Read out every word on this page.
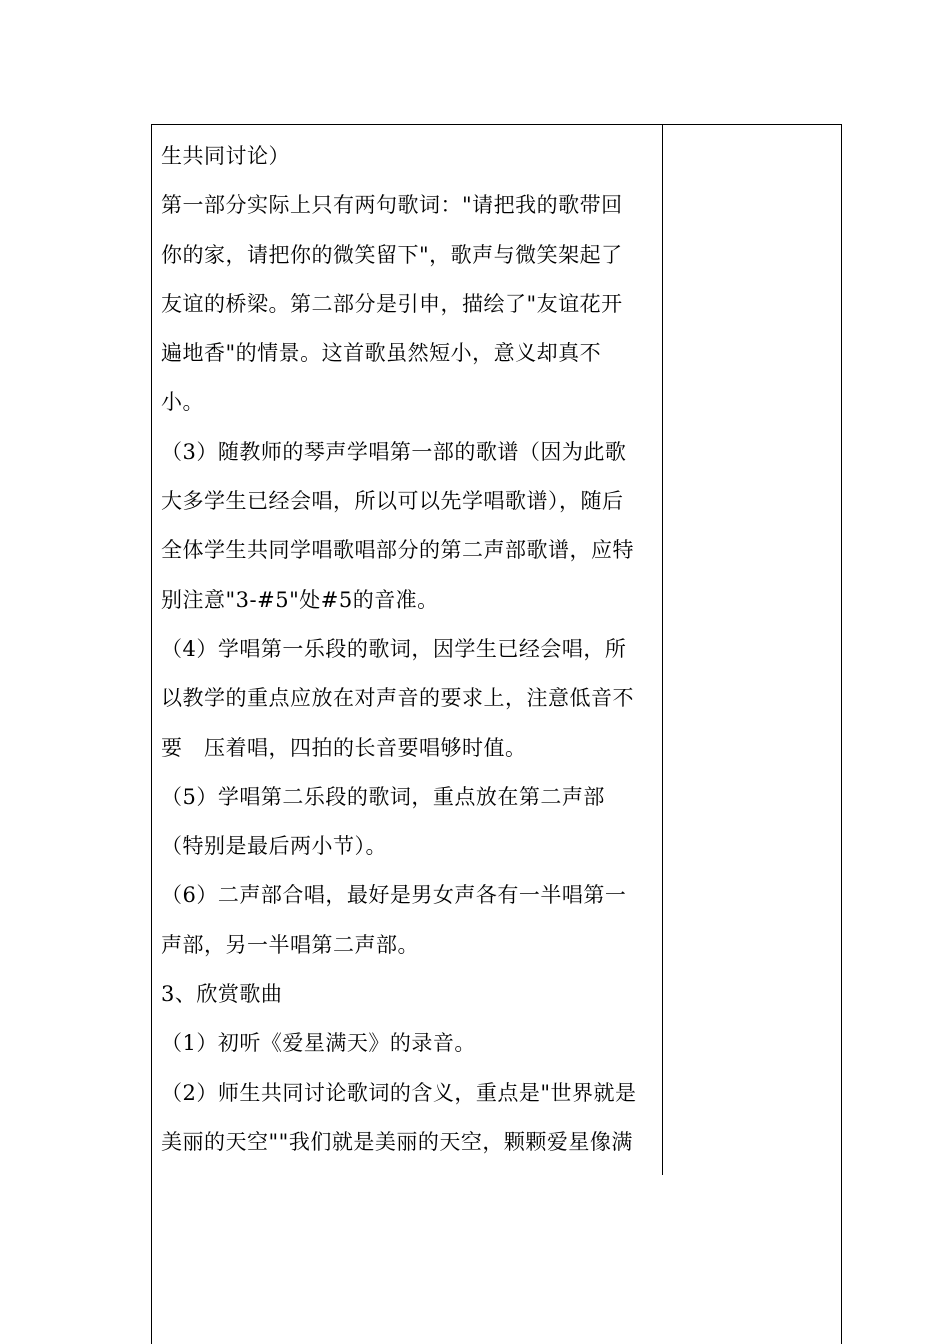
生共同讨论）
第一部分实际上只有两句歌词："请把我的歌带回
你的家，请把你的微笑留下"，歌声与微笑架起了
友谊的桥梁。第二部分是引申，描绘了"友谊花开
遍地香"的情景。这首歌虽然短小，意义却真不
小。
（3）随教师的琴声学唱第一部的歌谱（因为此歌
大多学生已经会唱，所以可以先学唱歌谱），随后
全体学生共同学唱歌唱部分的第二声部歌谱，应特
别注意"3-#5"处#5的音准。
（4）学唱第一乐段的歌词，因学生已经会唱，所
以教学的重点应放在对声音的要求上，注意低音不
要　压着唱，四拍的长音要唱够时值。
（5）学唱第二乐段的歌词，重点放在第二声部
（特别是最后两小节）。
（6）二声部合唱，最好是男女声各有一半唱第一
声部，另一半唱第二声部。
3、欣赏歌曲
（1）初听《爱星满天》的录音。
（2）师生共同讨论歌词的含义，重点是"世界就是
美丽的天空""我们就是美丽的天空，颗颗爱星像满
